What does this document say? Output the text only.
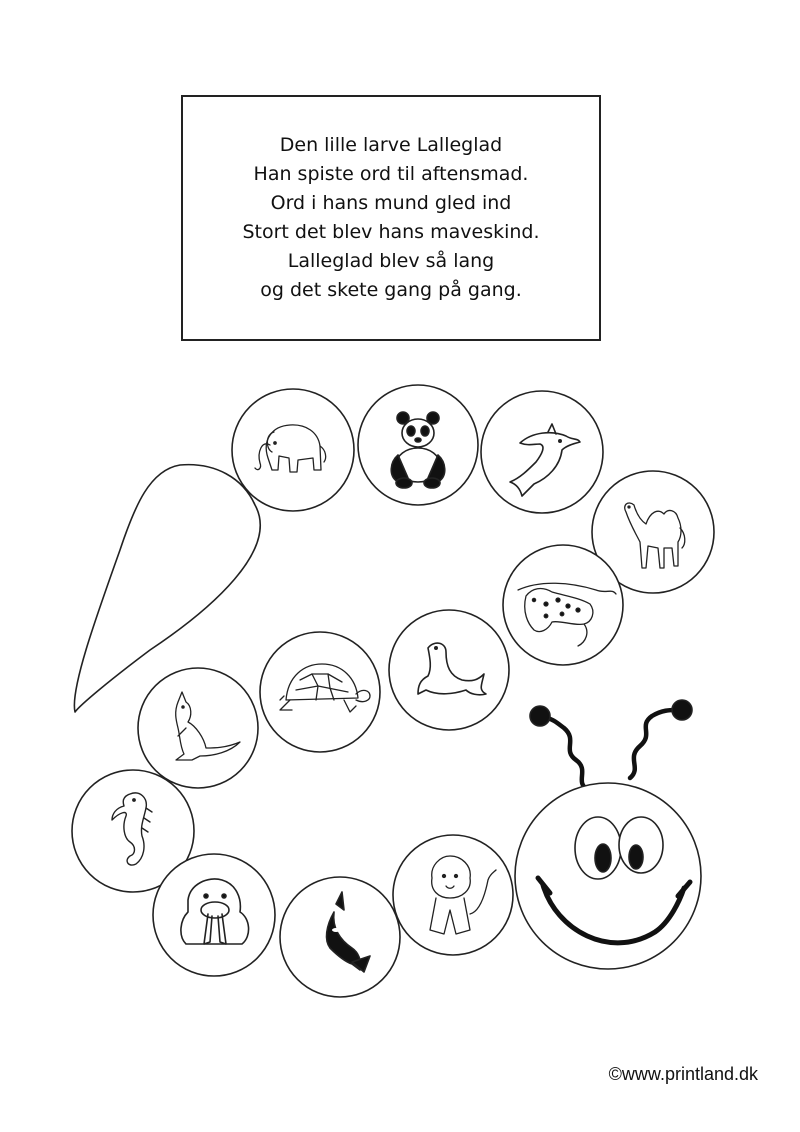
Den lille larve Lalleglad
Han spiste ord til aftensmad.
Ord i hans mund gled ind
Stort det blev hans maveskind.
Lalleglad blev så lang
og det skete gang på gang.
©www.printland.dk
